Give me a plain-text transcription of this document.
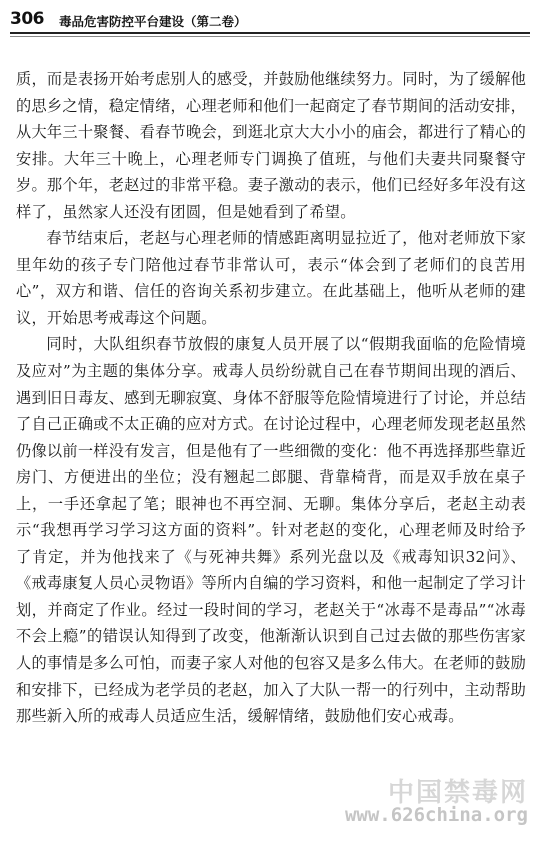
306 毒品危害防控平台建设（第二卷）

质，而是表扬开始考虑别人的感受，并鼓励他继续努力。同时，为了缓解他的思乡之情，稳定情绪，心理老师和他们一起商定了春节期间的活动安排，从大年三十聚餐、看春节晚会，到逛北京大大小小的庙会，都进行了精心的安排。大年三十晚上，心理老师专门调换了值班，与他们夫妻共同聚餐守岁。那个年，老赵过的非常平稳。妻子激动的表示，他们已经好多年没有这样了，虽然家人还没有团圆，但是她看到了希望。

春节结束后，老赵与心理老师的情感距离明显拉近了，他对老师放下家里年幼的孩子专门陪他过春节非常认可，表示“体会到了老师们的良苦用心”，双方和谐、信任的咨询关系初步建立。在此基础上，他听从老师的建议，开始思考戒毒这个问题。

同时，大队组织春节放假的康复人员开展了以“假期我面临的危险情境及应对”为主题的集体分享。戒毒人员纷纷就自己在春节期间出现的酒后、遇到旧日毒友、感到无聊寂寞、身体不舒服等危险情境进行了讨论，并总结了自己正确或不太正确的应对方式。在讨论过程中，心理老师发现老赵虽然仍像以前一样没有发言，但是他有了一些细微的变化：他不再选择那些靠近房门、方便进出的坐位；没有翘起二郎腿、背靠椅背，而是双手放在桌子上，一手还拿起了笔；眼神也不再空洞、无聊。集体分享后，老赵主动表示“我想再学习学习这方面的资料”。针对老赵的变化，心理老师及时给予了肯定，并为他找来了《与死神共舞》系列光盘以及《戒毒知识32问》、《戒毒康复人员心灵物语》等所内自编的学习资料，和他一起制定了学习计划，并商定了作业。经过一段时间的学习，老赵关于“冰毒不是毒品”“冰毒不会上瘾”的错误认知得到了改变，他渐渐认识到自己过去做的那些伤害家人的事情是多么可怕，而妻子家人对他的包容又是多么伟大。在老师的鼓励和安排下，已经成为老学员的老赵，加入了大队一帮一的行列中，主动帮助那些新入所的戒毒人员适应生活，缓解情绪，鼓励他们安心戒毒。

中国禁毒网
www.626china.org
